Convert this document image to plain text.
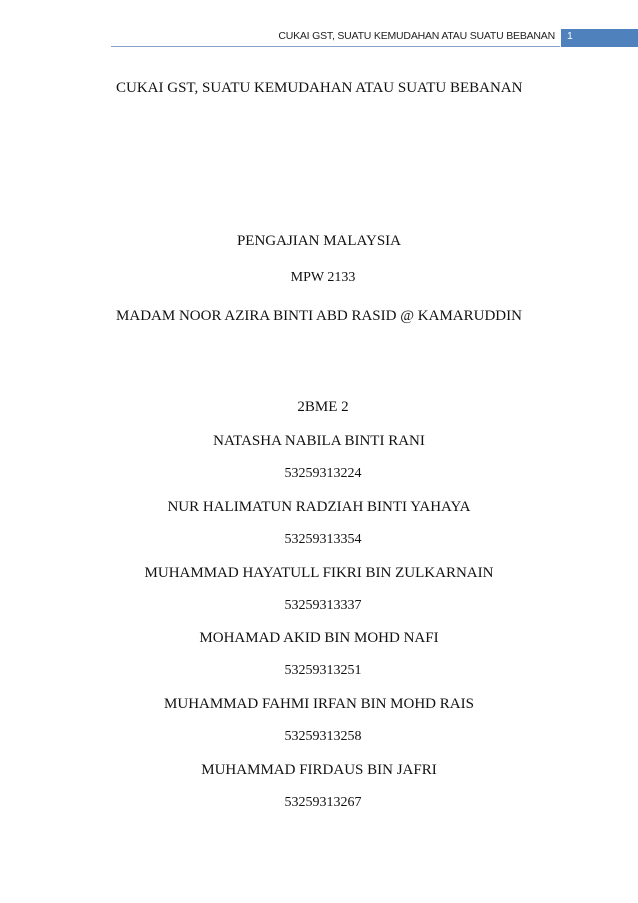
CUKAI GST, SUATU KEMUDAHAN ATAU SUATU BEBANAN 1
CUKAI GST, SUATU KEMUDAHAN ATAU SUATU BEBANAN
PENGAJIAN MALAYSIA
MPW 2133
MADAM NOOR AZIRA BINTI ABD RASID @ KAMARUDDIN
2BME 2
NATASHA NABILA BINTI RANI
53259313224
NUR HALIMATUN RADZIAH BINTI YAHAYA
53259313354
MUHAMMAD HAYATULL FIKRI BIN ZULKARNAIN
53259313337
MOHAMAD AKID BIN MOHD NAFI
53259313251
MUHAMMAD FAHMI IRFAN BIN MOHD RAIS
53259313258
MUHAMMAD FIRDAUS BIN JAFRI
53259313267
